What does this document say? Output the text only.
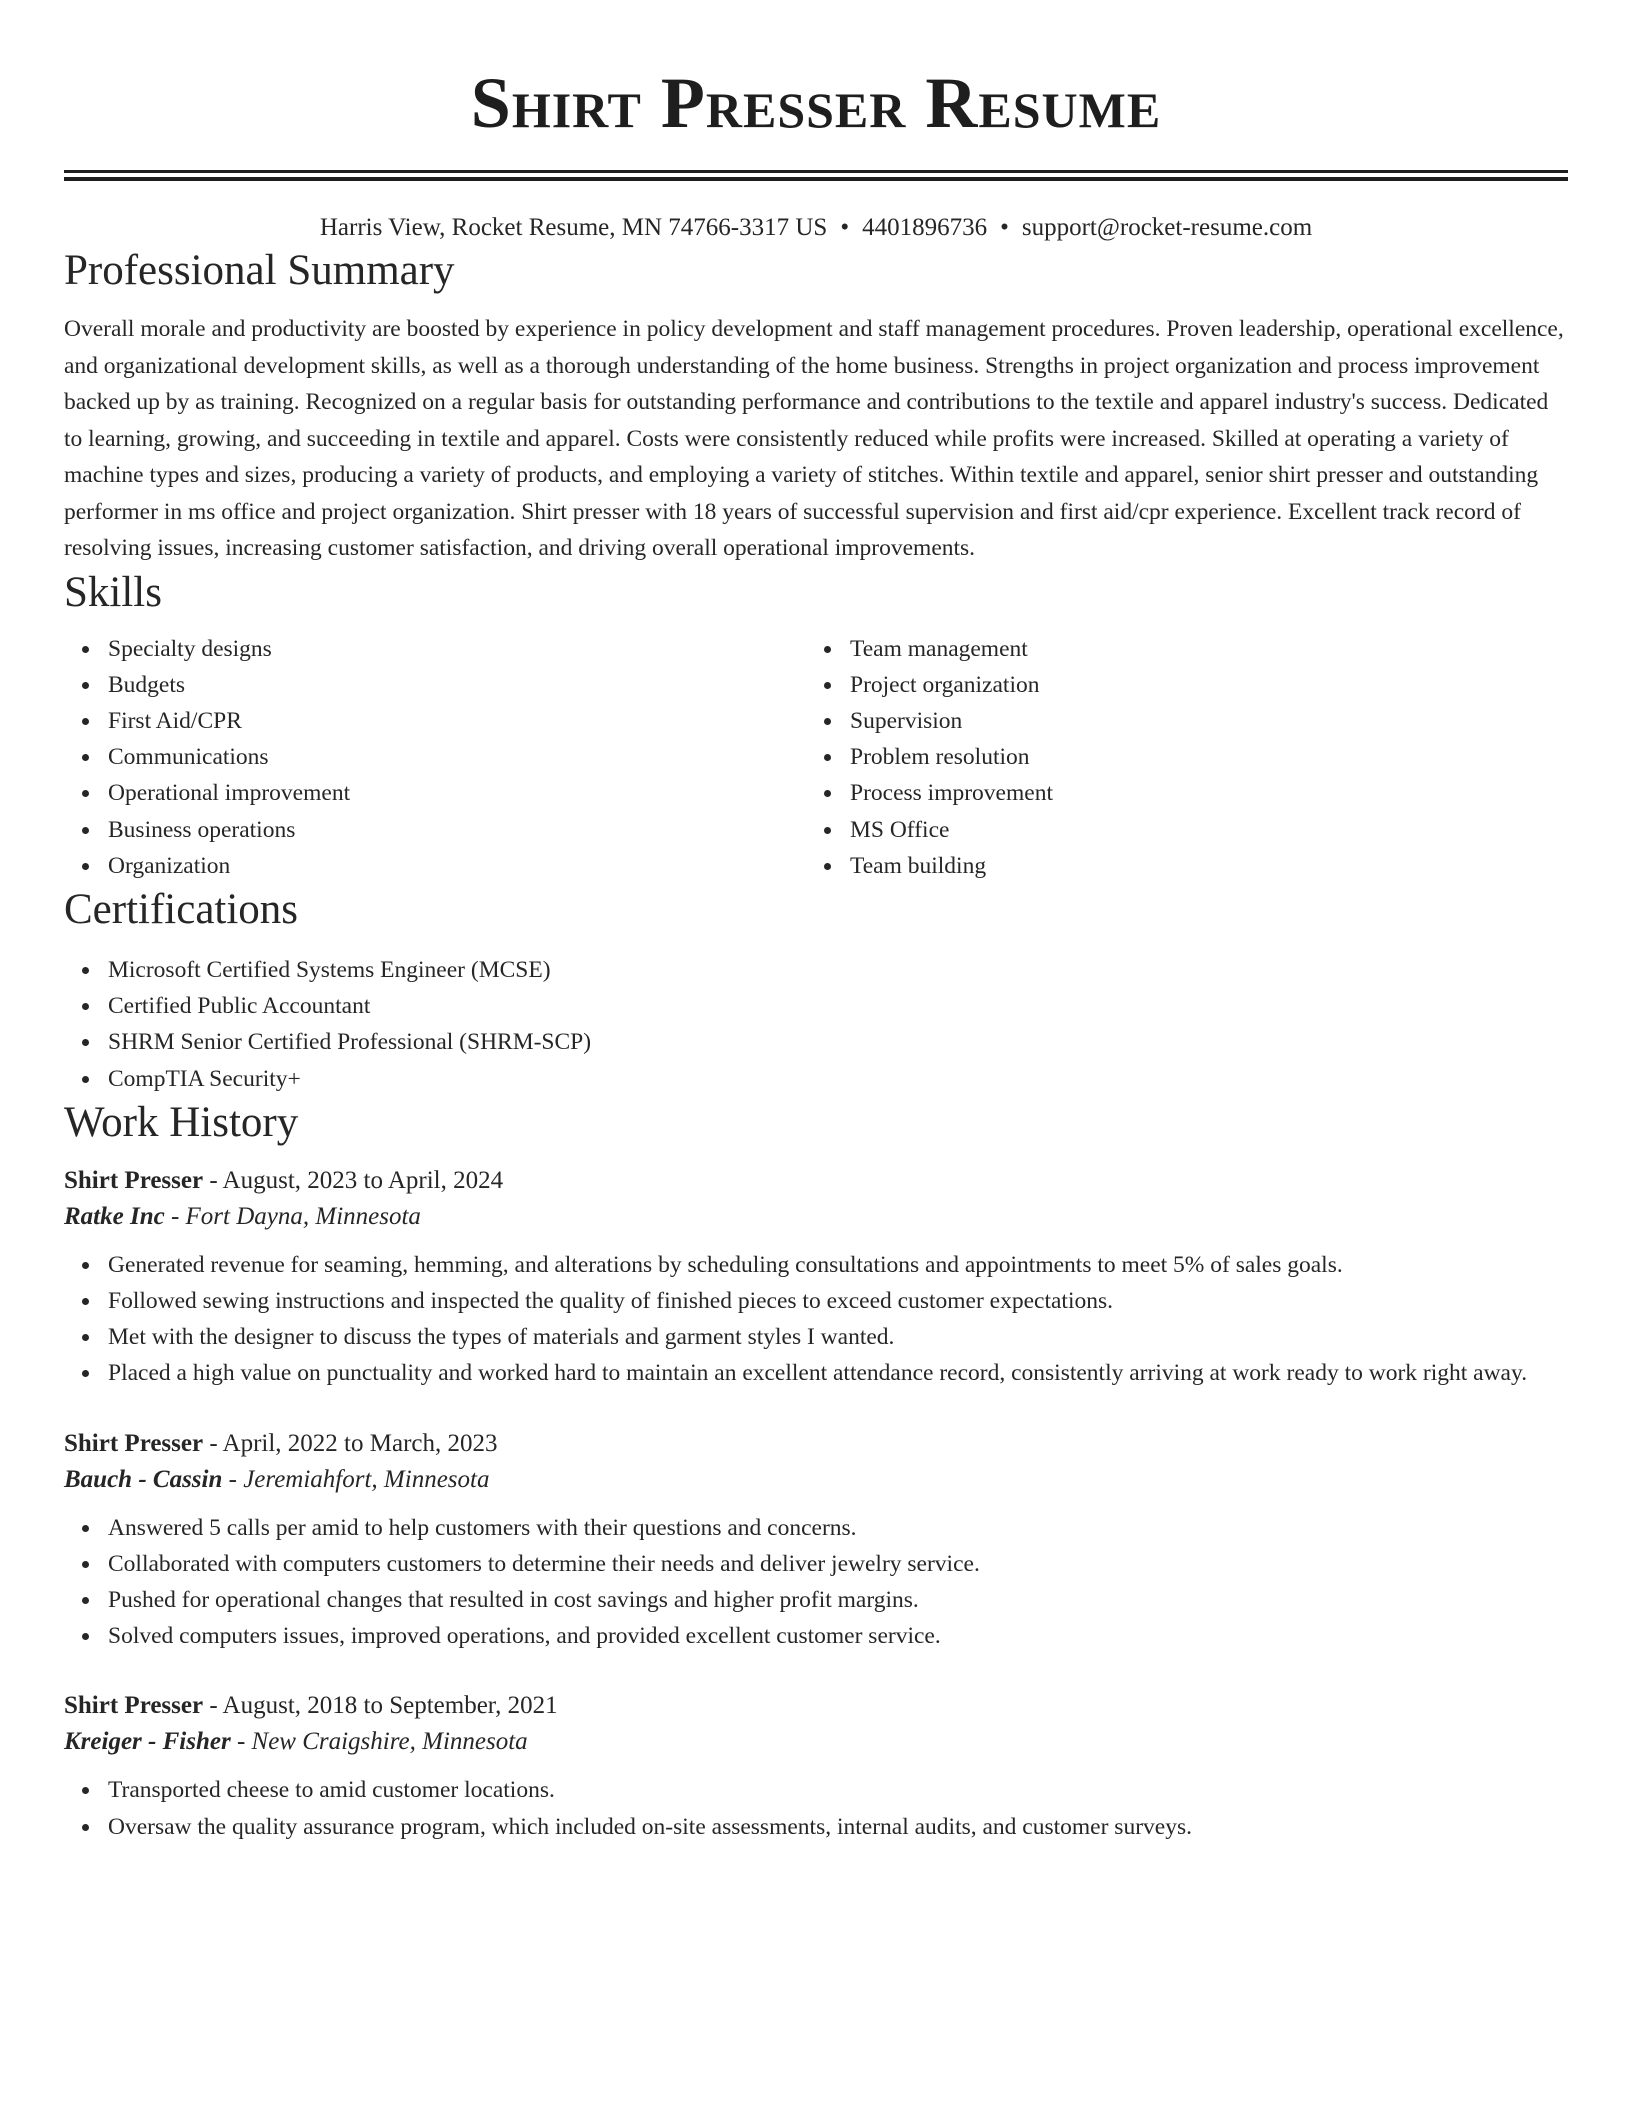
Shirt Presser Resume
Harris View, Rocket Resume, MN 74766-3317 US • 4401896736 • support@rocket-resume.com
Professional Summary

Overall morale and productivity are boosted by experience in policy development and staff management procedures. Proven leadership, operational excellence, and organizational development skills, as well as a thorough understanding of the home business. Strengths in project organization and process improvement backed up by as training. Recognized on a regular basis for outstanding performance and contributions to the textile and apparel industry's success. Dedicated to learning, growing, and succeeding in textile and apparel. Costs were consistently reduced while profits were increased. Skilled at operating a variety of machine types and sizes, producing a variety of products, and employing a variety of stitches. Within textile and apparel, senior shirt presser and outstanding performer in ms office and project organization. Shirt presser with 18 years of successful supervision and first aid/cpr experience. Excellent track record of resolving issues, increasing customer satisfaction, and driving overall operational improvements.

Skills
Specialty designs
Budgets
First Aid/CPR
Communications
Operational improvement
Business operations
Organization
Team management
Project organization
Supervision
Problem resolution
Process improvement
MS Office
Team building
Certifications
Microsoft Certified Systems Engineer (MCSE)
Certified Public Accountant
SHRM Senior Certified Professional (SHRM-SCP)
CompTIA Security+
Work History
Shirt Presser - August, 2023 to April, 2024
Ratke Inc - Fort Dayna, Minnesota
Generated revenue for seaming, hemming, and alterations by scheduling consultations and appointments to meet 5% of sales goals.
Followed sewing instructions and inspected the quality of finished pieces to exceed customer expectations.
Met with the designer to discuss the types of materials and garment styles I wanted.
Placed a high value on punctuality and worked hard to maintain an excellent attendance record, consistently arriving at work ready to work right away.
Shirt Presser - April, 2022 to March, 2023
Bauch - Cassin - Jeremiahfort, Minnesota
Answered 5 calls per amid to help customers with their questions and concerns.
Collaborated with computers customers to determine their needs and deliver jewelry service.
Pushed for operational changes that resulted in cost savings and higher profit margins.
Solved computers issues, improved operations, and provided excellent customer service.
Shirt Presser - August, 2018 to September, 2021
Kreiger - Fisher - New Craigshire, Minnesota
Transported cheese to amid customer locations.
Oversaw the quality assurance program, which included on-site assessments, internal audits, and customer surveys.
